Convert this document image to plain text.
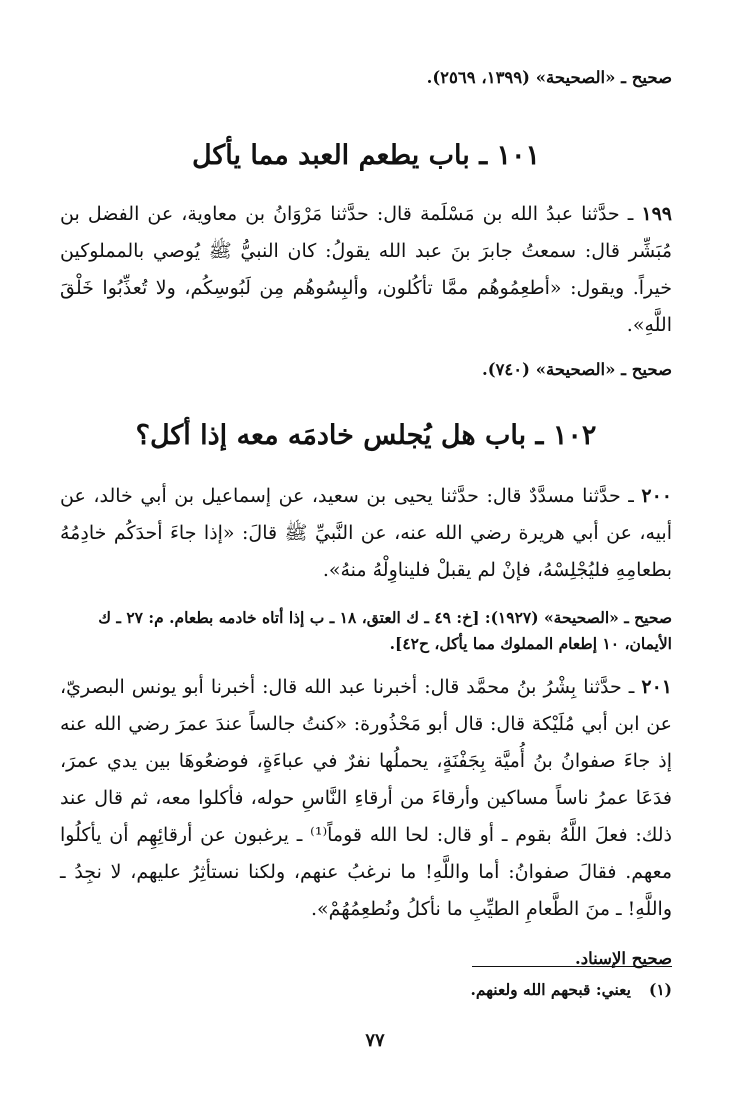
صحيح ـ «الصحيحة» (١٣٩٩، ٢٥٦٩).

١٠١ ـ باب يطعم العبد مما يأكل

١٩٩ ـ حدَّثنا عبدُ الله بن مَسْلَمة قال: حدَّثنا مَرْوَانُ بن معاوية، عن الفضل بن مُبَشِّر قال: سمعتُ جابرَ بنَ عبد الله يقولُ: كان النبيُّ ﷺ يُوصي بالمملوكين خيراً. ويقول: «أطعِمُوهُم ممَّا تأكُلون، وألبِسُوهُم مِن لَبُوسِكُم، ولا تُعذِّبُوا خَلْقَ اللَّهِ».

صحيح ـ «الصحيحة» (٧٤٠).

١٠٢ ـ باب هل يُجلس خادمَه معه إذا أكل؟

٢٠٠ ـ حدَّثنا مسدَّدٌ قال: حدَّثنا يحيى بن سعيد، عن إسماعيل بن أبي خالد، عن أبيه، عن أبي هريرة رضي الله عنه، عن النَّبيِّ ﷺ قالَ: «إذا جاءَ أحدَكُم خادِمُهُ بطعامِهِ فليُجْلِسْهُ، فإنْ لم يقبلْ فليناوِلْهُ منهُ».

صحيح ـ «الصحيحة» (١٩٢٧): [خ: ٤٩ ـ ك العتق، ١٨ ـ ب إذا أتاه خادمه بطعام. م: ٢٧ ـ ك الأيمان، ١٠ إطعام المملوك مما يأكل، ح٤٢].

٢٠١ ـ حدَّثنا بِشْرُ بنُ محمَّد قال: أخبرنا عبد الله قال: أخبرنا أبو يونس البصريّ، عن ابن أبي مُلَيْكة قال: قال أبو مَحْذُورة: «كنتُ جالساً عندَ عمرَ رضي الله عنه إذ جاءَ صفوانُ بنُ أُميَّة بِجَفْنَةٍ، يحملُها نفرٌ في عباءَةٍ، فوضعُوهَا بين يدي عمرَ، فدَعَا عمرُ ناساً مساكين وأرقاءَ من أرقاءِ النَّاسِ حوله، فأكلوا معه، ثم قال عند ذلك: فعلَ اللَّهُ بقوم ـ أو قال: لحا الله قوماً⁽¹⁾ ـ يرغبون عن أرقائِهِم أن يأكلُوا معهم. فقالَ صفوانُ: أما واللَّهِ! ما نرغبُ عنهم، ولكنا نستأثِرُ عليهم، لا نجِدُ ـ واللَّهِ! ـ منَ الطَّعامِ الطيِّبِ ما نأكلُ ونُطعِمُهُمْ».

صحيح الإسناد.

(١)يعني: قبحهم الله ولعنهم.
٧٧
